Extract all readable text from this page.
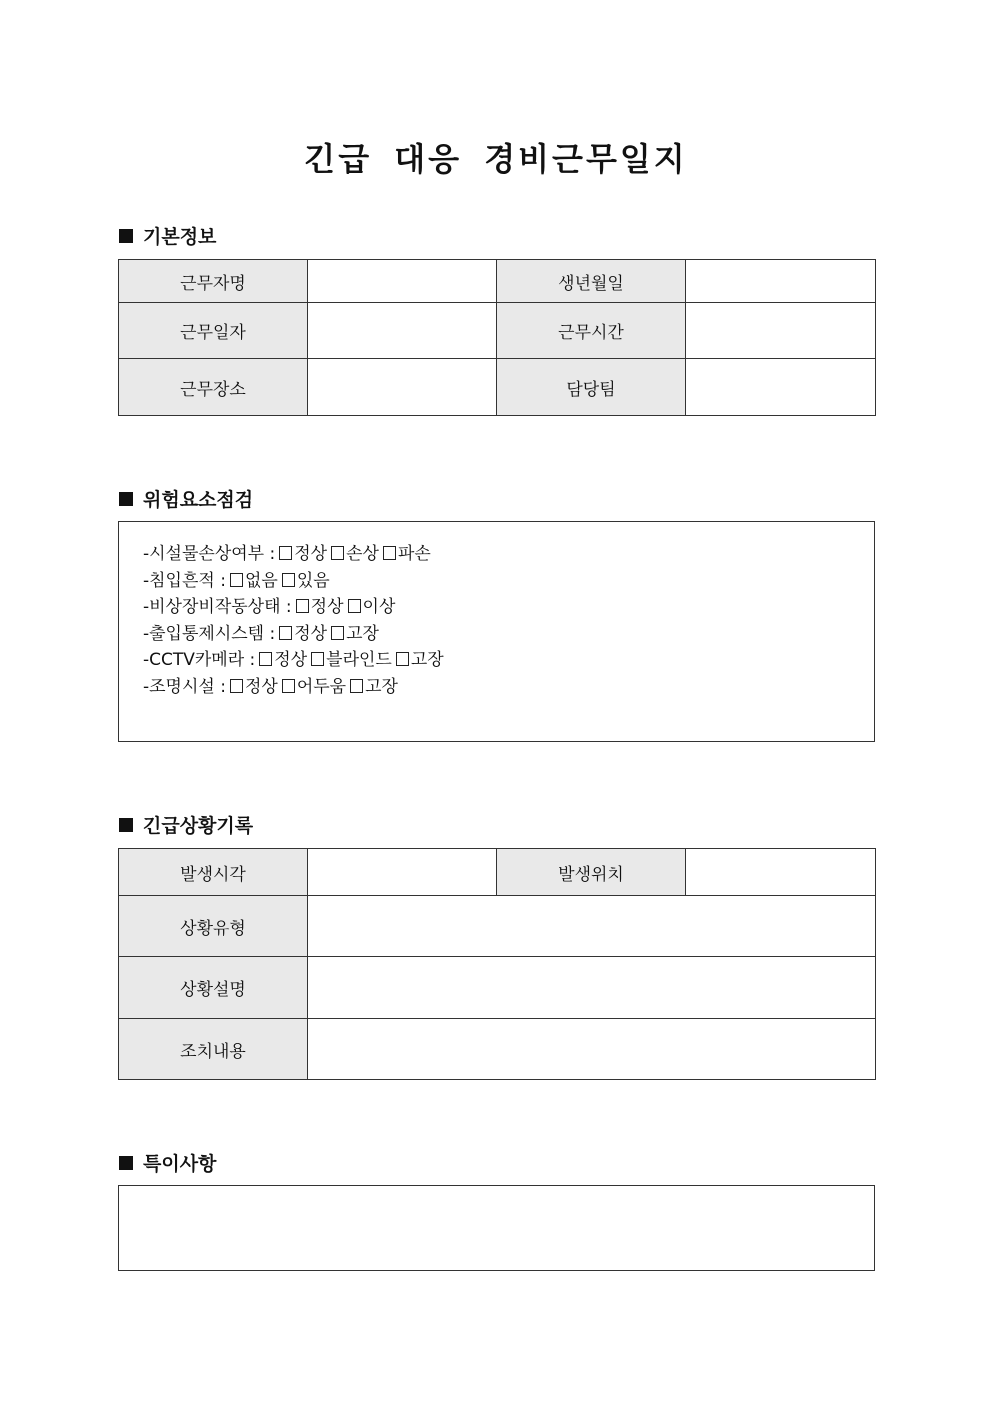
긴급 대응 경비근무일지
기본정보
근무자명		생년월일	
근무일자		근무시간	
근무장소		담당팀	
위험요소점검
-시설물손상여부 : 정상 손상 파손
-침입흔적 : 없음 있음
-비상장비작동상태 : 정상 이상
-출입통제시스템 : 정상 고장
-CCTV카메라 : 정상 블라인드 고장
-조명시설 : 정상 어두움 고장
긴급상황기록
발생시각		발생위치	
상황유형			
상황설명			
조치내용			
특이사항
